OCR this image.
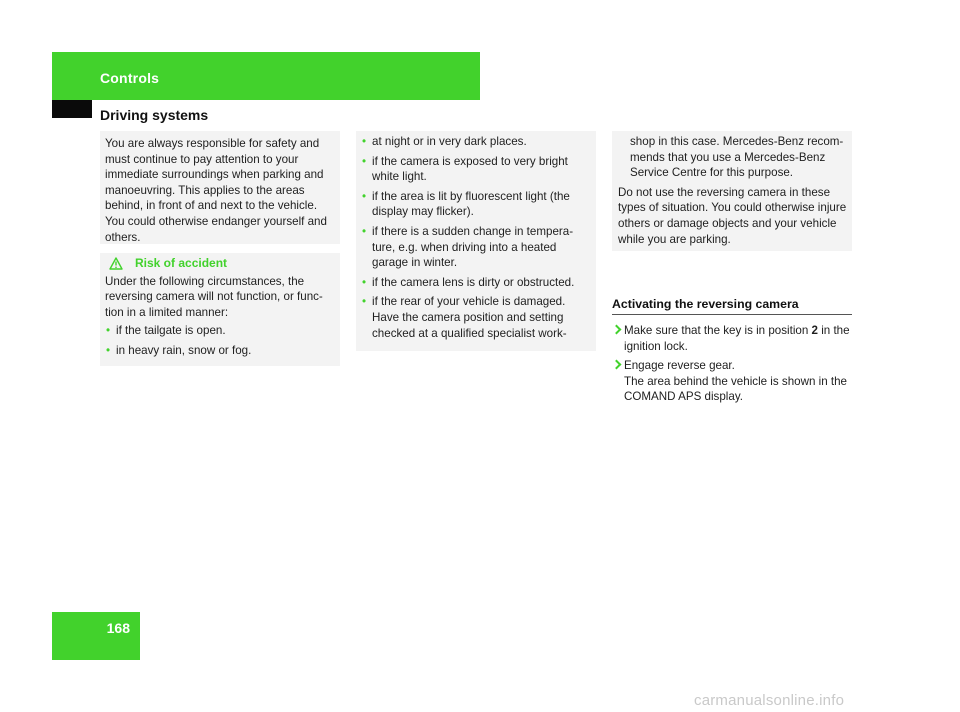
Controls
Driving systems

You are always responsible for safety and must continue to pay attention to your immediate surroundings when parking and manoeuvring. This applies to the areas behind, in front of and next to the vehicle. You could otherwise endanger yourself and others.

Risk of accident

Under the following circumstances, the reversing camera will not function, or func-tion in a limited manner:

• if the tailgate is open.
• in heavy rain, snow or fog.
• at night or in very dark places.
• if the camera is exposed to very bright white light.
• if the area is lit by fluorescent light (the display may flicker).
• if there is a sudden change in tempera-ture, e.g. when driving into a heated garage in winter.
• if the camera lens is dirty or obstructed.
• if the rear of your vehicle is damaged. Have the camera position and setting checked at a qualified specialist work-

shop in this case. Mercedes-Benz recom-mends that you use a Mercedes-Benz Service Centre for this purpose.

Do not use the reversing camera in these types of situation. You could otherwise injure others or damage objects and your vehicle while you are parking.

Activating the reversing camera
Make sure that the key is in position 2 in the ignition lock.
Engage reverse gear.
The area behind the vehicle is shown in the COMAND APS display.
168
carmanualsonline.info
